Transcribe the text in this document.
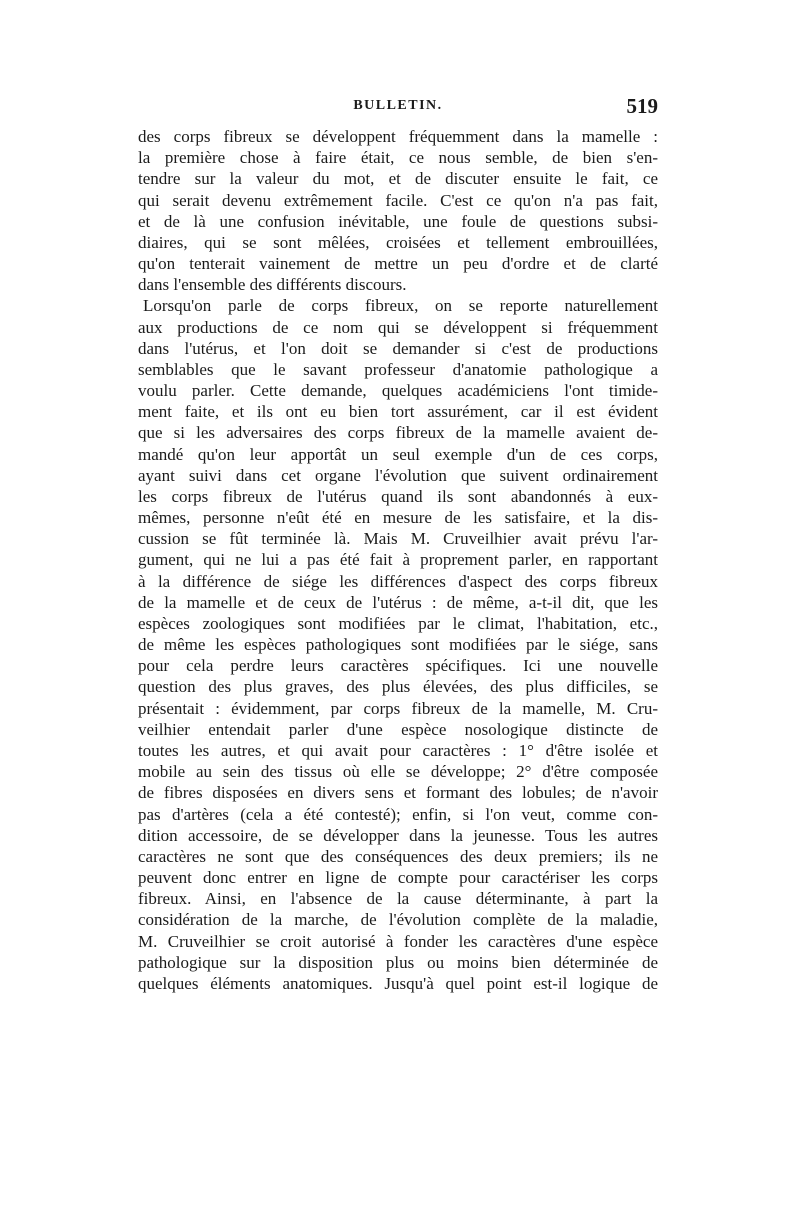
BULLETIN.	519
des corps fibreux se développent fréquemment dans la mamelle :
la première chose à faire était, ce nous semble, de bien s'en-
tendre sur la valeur du mot, et de discuter ensuite le fait, ce
qui serait devenu extrêmement facile. C'est ce qu'on n'a pas fait,
et de là une confusion inévitable, une foule de questions subsi-
diaires, qui se sont mêlées, croisées et tellement embrouillées,
qu'on tenterait vainement de mettre un peu d'ordre et de clarté
dans l'ensemble des différents discours.
Lorsqu'on parle de corps fibreux, on se reporte naturellement
aux productions de ce nom qui se développent si fréquemment
dans l'utérus, et l'on doit se demander si c'est de productions
semblables que le savant professeur d'anatomie pathologique a
voulu parler. Cette demande, quelques académiciens l'ont timide-
ment faite, et ils ont eu bien tort assurément, car il est évident
que si les adversaires des corps fibreux de la mamelle avaient de-
mandé qu'on leur apportât un seul exemple d'un de ces corps,
ayant suivi dans cet organe l'évolution que suivent ordinairement
les corps fibreux de l'utérus quand ils sont abandonnés à eux-
mêmes, personne n'eût été en mesure de les satisfaire, et la dis-
cussion se fût terminée là. Mais M. Cruveilhier avait prévu l'ar-
gument, qui ne lui a pas été fait à proprement parler, en rapportant
à la différence de siége les différences d'aspect des corps fibreux
de la mamelle et de ceux de l'utérus : de même, a-t-il dit, que les
espèces zoologiques sont modifiées par le climat, l'habitation, etc.,
de même les espèces pathologiques sont modifiées par le siége, sans
pour cela perdre leurs caractères spécifiques. Ici une nouvelle
question des plus graves, des plus élevées, des plus difficiles, se
présentait : évidemment, par corps fibreux de la mamelle, M. Cru-
veilhier entendait parler d'une espèce nosologique distincte de
toutes les autres, et qui avait pour caractères : 1° d'être isolée et
mobile au sein des tissus où elle se développe; 2° d'être composée
de fibres disposées en divers sens et formant des lobules; de n'avoir
pas d'artères (cela a été contesté); enfin, si l'on veut, comme con-
dition accessoire, de se développer dans la jeunesse. Tous les autres
caractères ne sont que des conséquences des deux premiers; ils ne
peuvent donc entrer en ligne de compte pour caractériser les corps
fibreux. Ainsi, en l'absence de la cause déterminante, à part la
considération de la marche, de l'évolution complète de la maladie,
M. Cruveilhier se croit autorisé à fonder les caractères d'une espèce
pathologique sur la disposition plus ou moins bien déterminée de
quelques éléments anatomiques. Jusqu'à quel point est-il logique de
